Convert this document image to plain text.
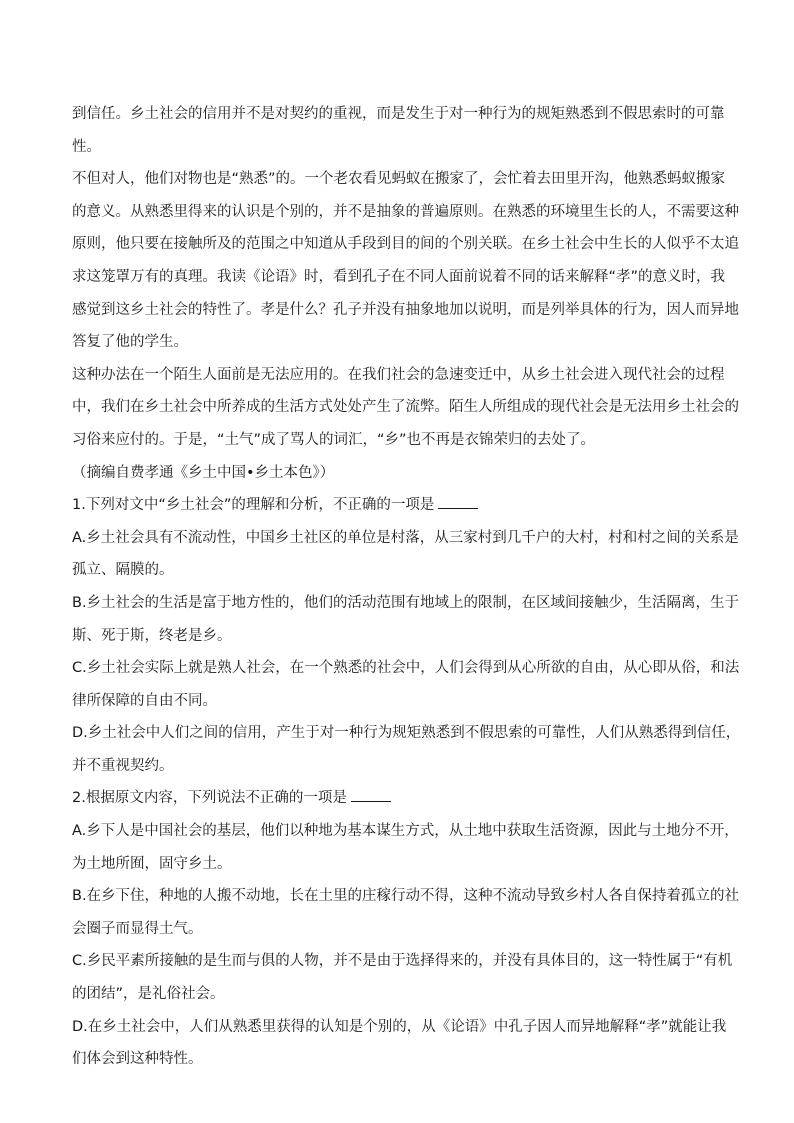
到信任。乡土社会的信用并不是对契约的重视，而是发生于对一种行为的规矩熟悉到不假思索时的可靠
性。
不但对人，他们对物也是“熟悉”的。一个老农看见蚂蚁在搬家了，会忙着去田里开沟，他熟悉蚂蚁搬家
的意义。从熟悉里得来的认识是个别的，并不是抽象的普遍原则。在熟悉的环境里生长的人，不需要这种
原则，他只要在接触所及的范围之中知道从手段到目的间的个别关联。在乡土社会中生长的人似乎不太追
求这笼罩万有的真理。我读《论语》时，看到孔子在不同人面前说着不同的话来解释“孝”的意义时，我
感觉到这乡土社会的特性了。孝是什么？孔子并没有抽象地加以说明，而是列举具体的行为，因人而异地
答复了他的学生。
这种办法在一个陌生人面前是无法应用的。在我们社会的急速变迁中，从乡土社会进入现代社会的过程
中，我们在乡土社会中所养成的生活方式处处产生了流弊。陌生人所组成的现代社会是无法用乡土社会的
习俗来应付的。于是，“土气”成了骂人的词汇，“乡”也不再是衣锦荣归的去处了。
（摘编自费孝通《乡土中国•乡土本色》）
1.下列对文中“乡土社会”的理解和分析，不正确的一项是
A.乡土社会具有不流动性，中国乡土社区的单位是村落，从三家村到几千户的大村，村和村之间的关系是
孤立、隔膜的。
B.乡土社会的生活是富于地方性的，他们的活动范围有地域上的限制，在区域间接触少，生活隔离，生于
斯、死于斯，终老是乡。
C.乡土社会实际上就是熟人社会，在一个熟悉的社会中，人们会得到从心所欲的自由，从心即从俗，和法
律所保障的自由不同。
D.乡土社会中人们之间的信用，产生于对一种行为规矩熟悉到不假思索的可靠性，人们从熟悉得到信任，
并不重视契约。
2.根据原文内容，下列说法不正确的一项是
A.乡下人是中国社会的基层，他们以种地为基本谋生方式，从土地中获取生活资源，因此与土地分不开，
为土地所囿，固守乡土。
B.在乡下住，种地的人搬不动地，长在土里的庄稼行动不得，这种不流动导致乡村人各自保持着孤立的社
会圈子而显得土气。
C.乡民平素所接触的是生而与俱的人物，并不是由于选择得来的，并没有具体目的，这一特性属于“有机
的团结”，是礼俗社会。
D.在乡土社会中，人们从熟悉里获得的认知是个别的，从《论语》中孔子因人而异地解释“孝”就能让我
们体会到这种特性。
